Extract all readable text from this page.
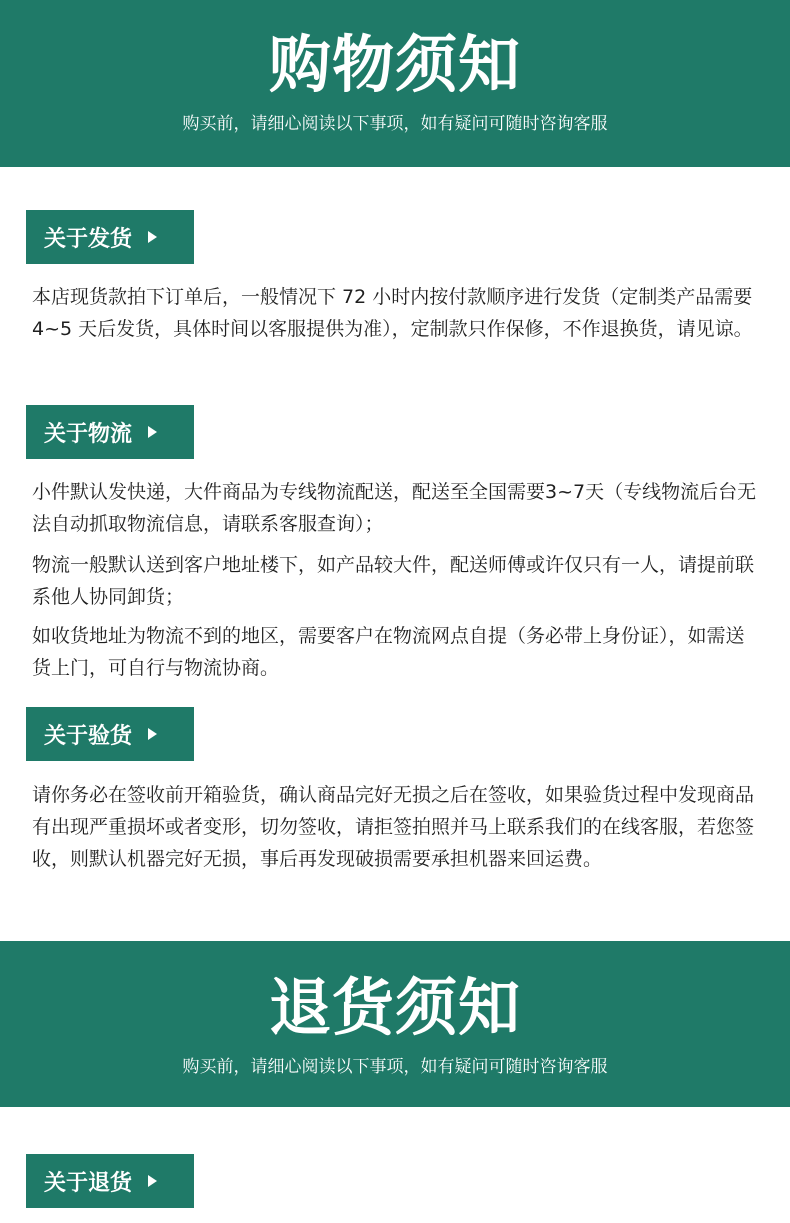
购物须知
购买前，请细心阅读以下事项，如有疑问可随时咨询客服
关于发货

本店现货款拍下订单后，一般情况下 72 小时内按付款顺序进行发货（定制类产品需要 4~5 天后发货，具体时间以客服提供为准），定制款只作保修，不作退换货，请见谅。

关于物流

小件默认发快递，大件商品为专线物流配送，配送至全国需要3~7天（专线物流后台无法自动抓取物流信息，请联系客服查询）；

物流一般默认送到客户地址楼下，如产品较大件，配送师傅或许仅只有一人，请提前联系他人协同卸货；

如收货地址为物流不到的地区，需要客户在物流网点自提（务必带上身份证），如需送货上门，可自行与物流协商。

关于验货

请你务必在签收前开箱验货，确认商品完好无损之后在签收，如果验货过程中发现商品有出现严重损坏或者变形，切勿签收，请拒签拍照并马上联系我们的在线客服，若您签收，则默认机器完好无损，事后再发现破损需要承担机器来回运费。

退货须知
购买前，请细心阅读以下事项，如有疑问可随时咨询客服
关于退货
